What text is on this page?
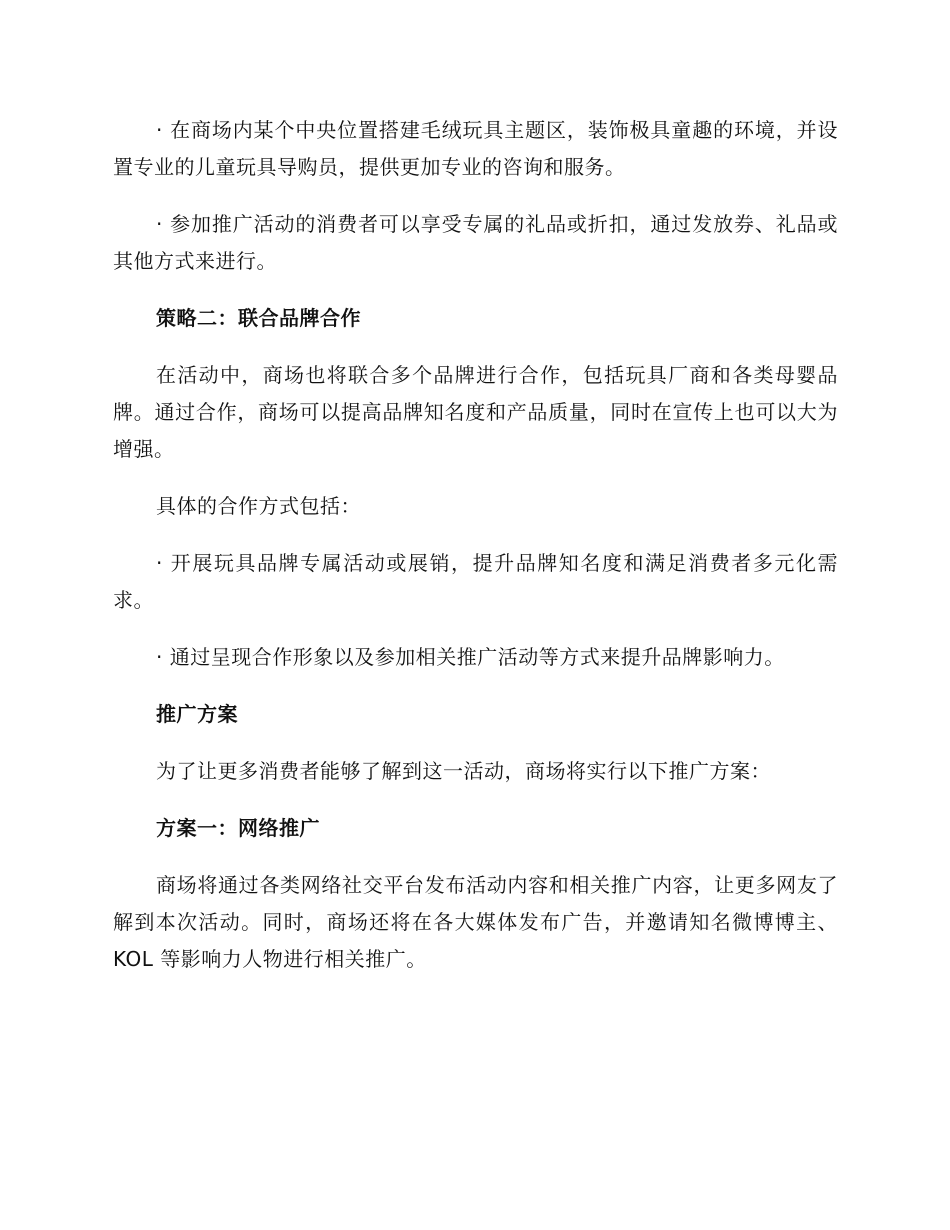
· 在商场内某个中央位置搭建毛绒玩具主题区，装饰极具童趣的环境，并设置专业的儿童玩具导购员，提供更加专业的咨询和服务。

· 参加推广活动的消费者可以享受专属的礼品或折扣，通过发放券、礼品或其他方式来进行。

策略二：联合品牌合作

在活动中，商场也将联合多个品牌进行合作，包括玩具厂商和各类母婴品牌。通过合作，商场可以提高品牌知名度和产品质量，同时在宣传上也可以大为增强。

具体的合作方式包括：

· 开展玩具品牌专属活动或展销，提升品牌知名度和满足消费者多元化需求。

· 通过呈现合作形象以及参加相关推广活动等方式来提升品牌影响力。

推广方案

为了让更多消费者能够了解到这一活动，商场将实行以下推广方案：

方案一：网络推广

商场将通过各类网络社交平台发布活动内容和相关推广内容，让更多网友了解到本次活动。同时，商场还将在各大媒体发布广告，并邀请知名微博博主、KOL 等影响力人物进行相关推广。
